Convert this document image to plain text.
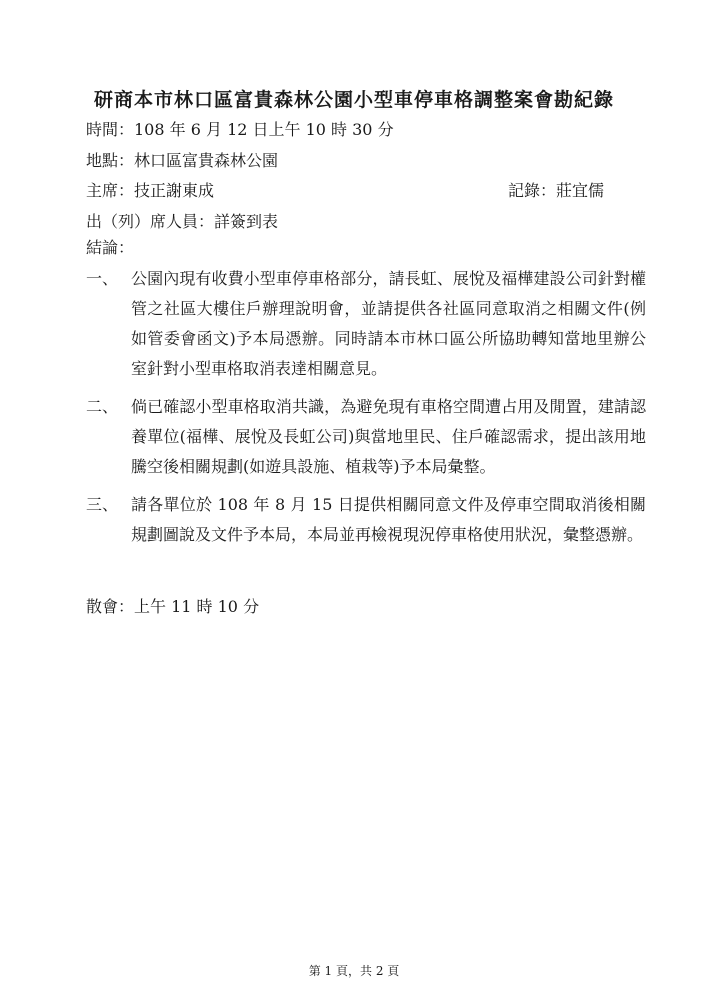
研商本市林口區富貴森林公園小型車停車格調整案會勘紀錄
時間：108 年 6 月 12 日上午 10 時 30 分
地點：林口區富貴森林公園
主席：技正謝東成	記錄：莊宜儒
出（列）席人員：詳簽到表
結論：
一、 公園內現有收費小型車停車格部分，請長虹、展悅及福樺建設公司針對權管之社區大樓住戶辦理說明會，並請提供各社區同意取消之相關文件(例如管委會函文)予本局憑辦。同時請本市林口區公所協助轉知當地里辦公室針對小型車格取消表達相關意見。
二、 倘已確認小型車格取消共識，為避免現有車格空間遭占用及閒置，建請認養單位(福樺、展悅及長虹公司)與當地里民、住戶確認需求，提出該用地騰空後相關規劃(如遊具設施、植栽等)予本局彙整。
三、 請各單位於 108 年 8 月 15 日提供相關同意文件及停車空間取消後相關規劃圖說及文件予本局，本局並再檢視現況停車格使用狀況，彙整憑辦。
散會：上午 11 時 10 分
第 1 頁，共 2 頁
